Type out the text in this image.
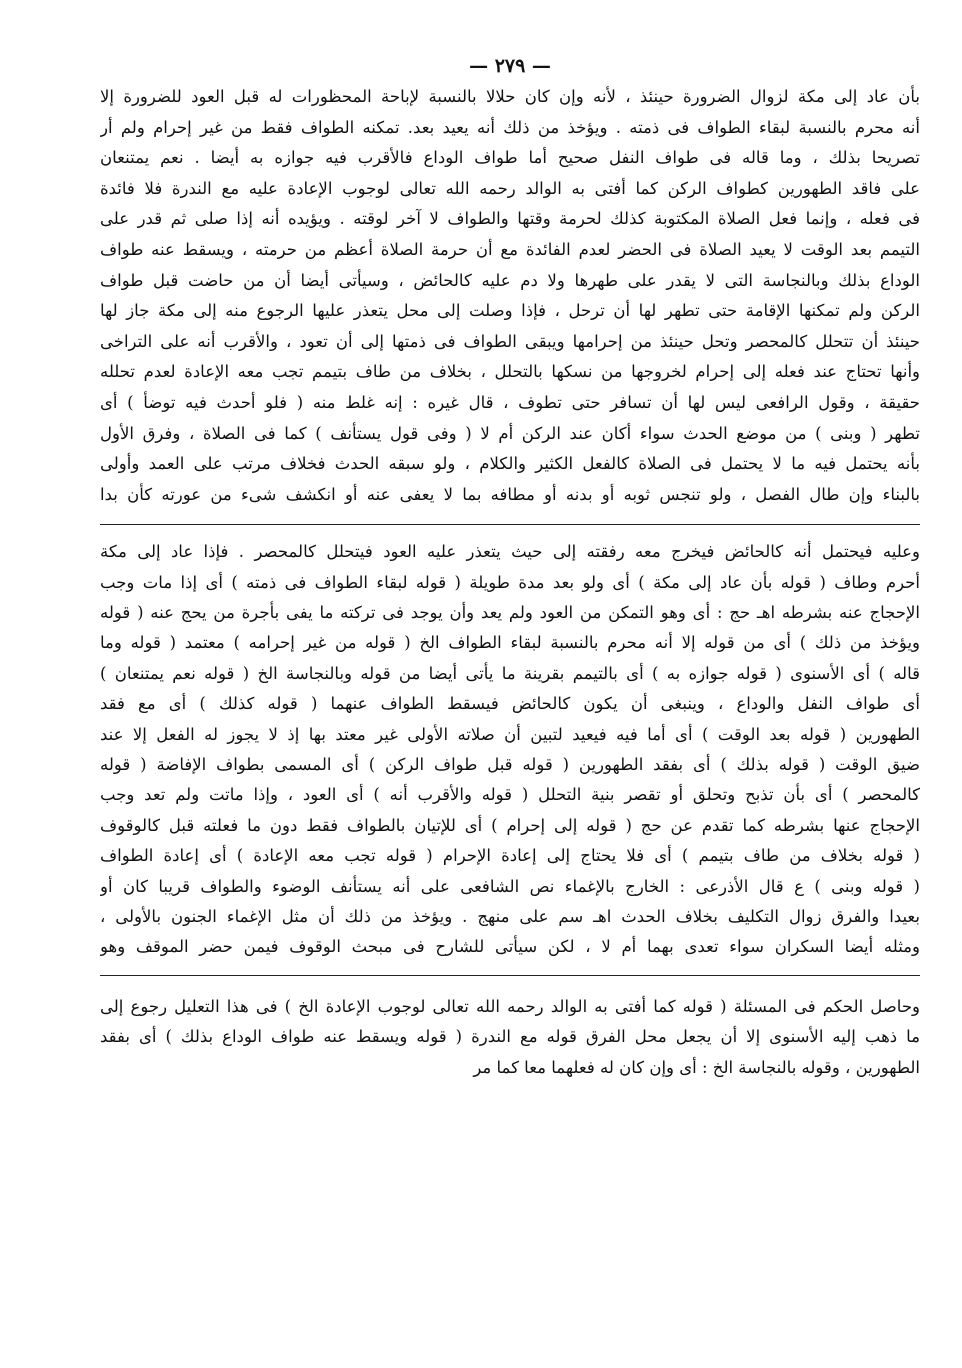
— ٢٧٩ —
بأن عاد إلى مكة لزوال الضرورة حينئذ ، لأنه وإن كان حلالا بالنسبة لإباحة المحظورات له قبل العود للضرورة إلا
أنه محرم بالنسبة لبقاء الطواف فى ذمته . ويؤخذ من ذلك أنه يعيد بعد. تمكنه الطواف فقط من غير إحرام ولم أر
تصريحا بذلك ، وما قاله فى طواف النفل صحيح أما طواف الوداع فالأقرب فيه جوازه به أيضا . نعم يمتنعان
على فاقد الطهورين كطواف الركن كما أفتى به الوالد رحمه الله تعالى لوجوب الإعادة عليه مع الندرة فلا فائدة
فى فعله ، وإنما فعل الصلاة المكتوبة كذلك لحرمة وقتها والطواف لا آخر لوقته . ويؤيده أنه إذا صلى ثم قدر على
التيمم بعد الوقت لا يعيد الصلاة فى الحضر لعدم الفائدة مع أن حرمة الصلاة أعظم من حرمته ، ويسقط عنه طواف
الوداع بذلك وبالنجاسة التى لا يقدر على طهرها ولا دم عليه كالحائض ، وسيأتى أيضا أن من حاضت قبل طواف
الركن ولم تمكنها الإقامة حتى تطهر لها أن ترحل ، فإذا وصلت إلى محل يتعذر عليها الرجوع منه إلى مكة جاز لها
حينئذ أن تتحلل كالمحصر وتحل حينئذ من إحرامها ويبقى الطواف فى ذمتها إلى أن تعود ، والأقرب أنه على التراخى
وأنها تحتاج عند فعله إلى إحرام لخروجها من نسكها بالتحلل ، بخلاف من طاف بتيمم تجب معه الإعادة لعدم تحلله
حقيقة ، وقول الرافعى ليس لها أن تسافر حتى تطوف ، قال غيره : إنه غلط منه ( فلو أحدث فيه توضأ ) أى
تطهر ( وبنى ) من موضع الحدث سواء أكان عند الركن أم لا ( وفى قول يستأنف ) كما فى الصلاة ، وفرق الأول
بأنه يحتمل فيه ما لا يحتمل فى الصلاة كالفعل الكثير والكلام ، ولو سبقه الحدث فخلاف مرتب على العمد وأولى
بالبناء وإن طال الفصل ، ولو تنجس ثوبه أو بدنه أو مطافه بما لا يعفى عنه أو انكشف شىء من عورته كأن بدا
وعليه فيحتمل أنه كالحائض فيخرج معه رفقته إلى حيث يتعذر عليه العود فيتحلل كالمحصر . فإذا عاد إلى مكة
أحرم وطاف ( قوله بأن عاد إلى مكة ) أى ولو بعد مدة طويلة ( قوله لبقاء الطواف فى ذمته ) أى إذا مات وجب
الإحجاج عنه بشرطه اهـ حج : أى وهو التمكن من العود ولم يعد وأن يوجد فى تركته ما يفى بأجرة من يحج عنه ( قوله
ويؤخذ من ذلك ) أى من قوله إلا أنه محرم بالنسبة لبقاء الطواف الخ ( قوله من غير إحرامه ) معتمد ( قوله وما
قاله ) أى الأسنوى ( قوله جوازه به ) أى بالتيمم بقرينة ما يأتى أيضا من قوله وبالنجاسة الخ ( قوله نعم يمتنعان )
أى طواف النفل والوداع ، وينبغى أن يكون كالحائض فيسقط الطواف عنهما ( قوله كذلك ) أى مع فقد
الطهورين ( قوله بعد الوقت ) أى أما فيه فيعيد لتبين أن صلاته الأولى غير معتد بها إذ لا يجوز له الفعل إلا عند
ضيق الوقت ( قوله بذلك ) أى بفقد الطهورين ( قوله قبل طواف الركن ) أى المسمى بطواف الإفاضة ( قوله
كالمحصر ) أى بأن تذبح وتحلق أو تقصر بنية التحلل ( قوله والأقرب أنه ) أى العود ، وإذا ماتت ولم تعد وجب
الإحجاج عنها بشرطه كما تقدم عن حج ( قوله إلى إحرام ) أى للإتيان بالطواف فقط دون ما فعلته قبل كالوقوف
( قوله بخلاف من طاف بتيمم ) أى فلا يحتاج إلى إعادة الإحرام ( قوله تجب معه الإعادة ) أى إعادة الطواف
( قوله وبنى ) ع قال الأذرعى : الخارج بالإغماء نص الشافعى على أنه يستأنف الوضوء والطواف قريبا كان أو
بعيدا والفرق زوال التكليف بخلاف الحدث اهـ سم على منهج . ويؤخذ من ذلك أن مثل الإغماء الجنون بالأولى ،
ومثله أيضا السكران سواء تعدى بهما أم لا ، لكن سيأتى للشارح فى مبحث الوقوف فيمن حضر الموقف وهو
وحاصل الحكم فى المسئلة ( قوله كما أفتى به الوالد رحمه الله تعالى لوجوب الإعادة الخ ) فى هذا التعليل رجوع إلى
ما ذهب إليه الأسنوى إلا أن يجعل محل الفرق قوله مع الندرة ( قوله ويسقط عنه طواف الوداع بذلك ) أى بفقد
الطهورين ، وقوله بالنجاسة الخ : أى وإن كان له فعلهما معا كما مر
